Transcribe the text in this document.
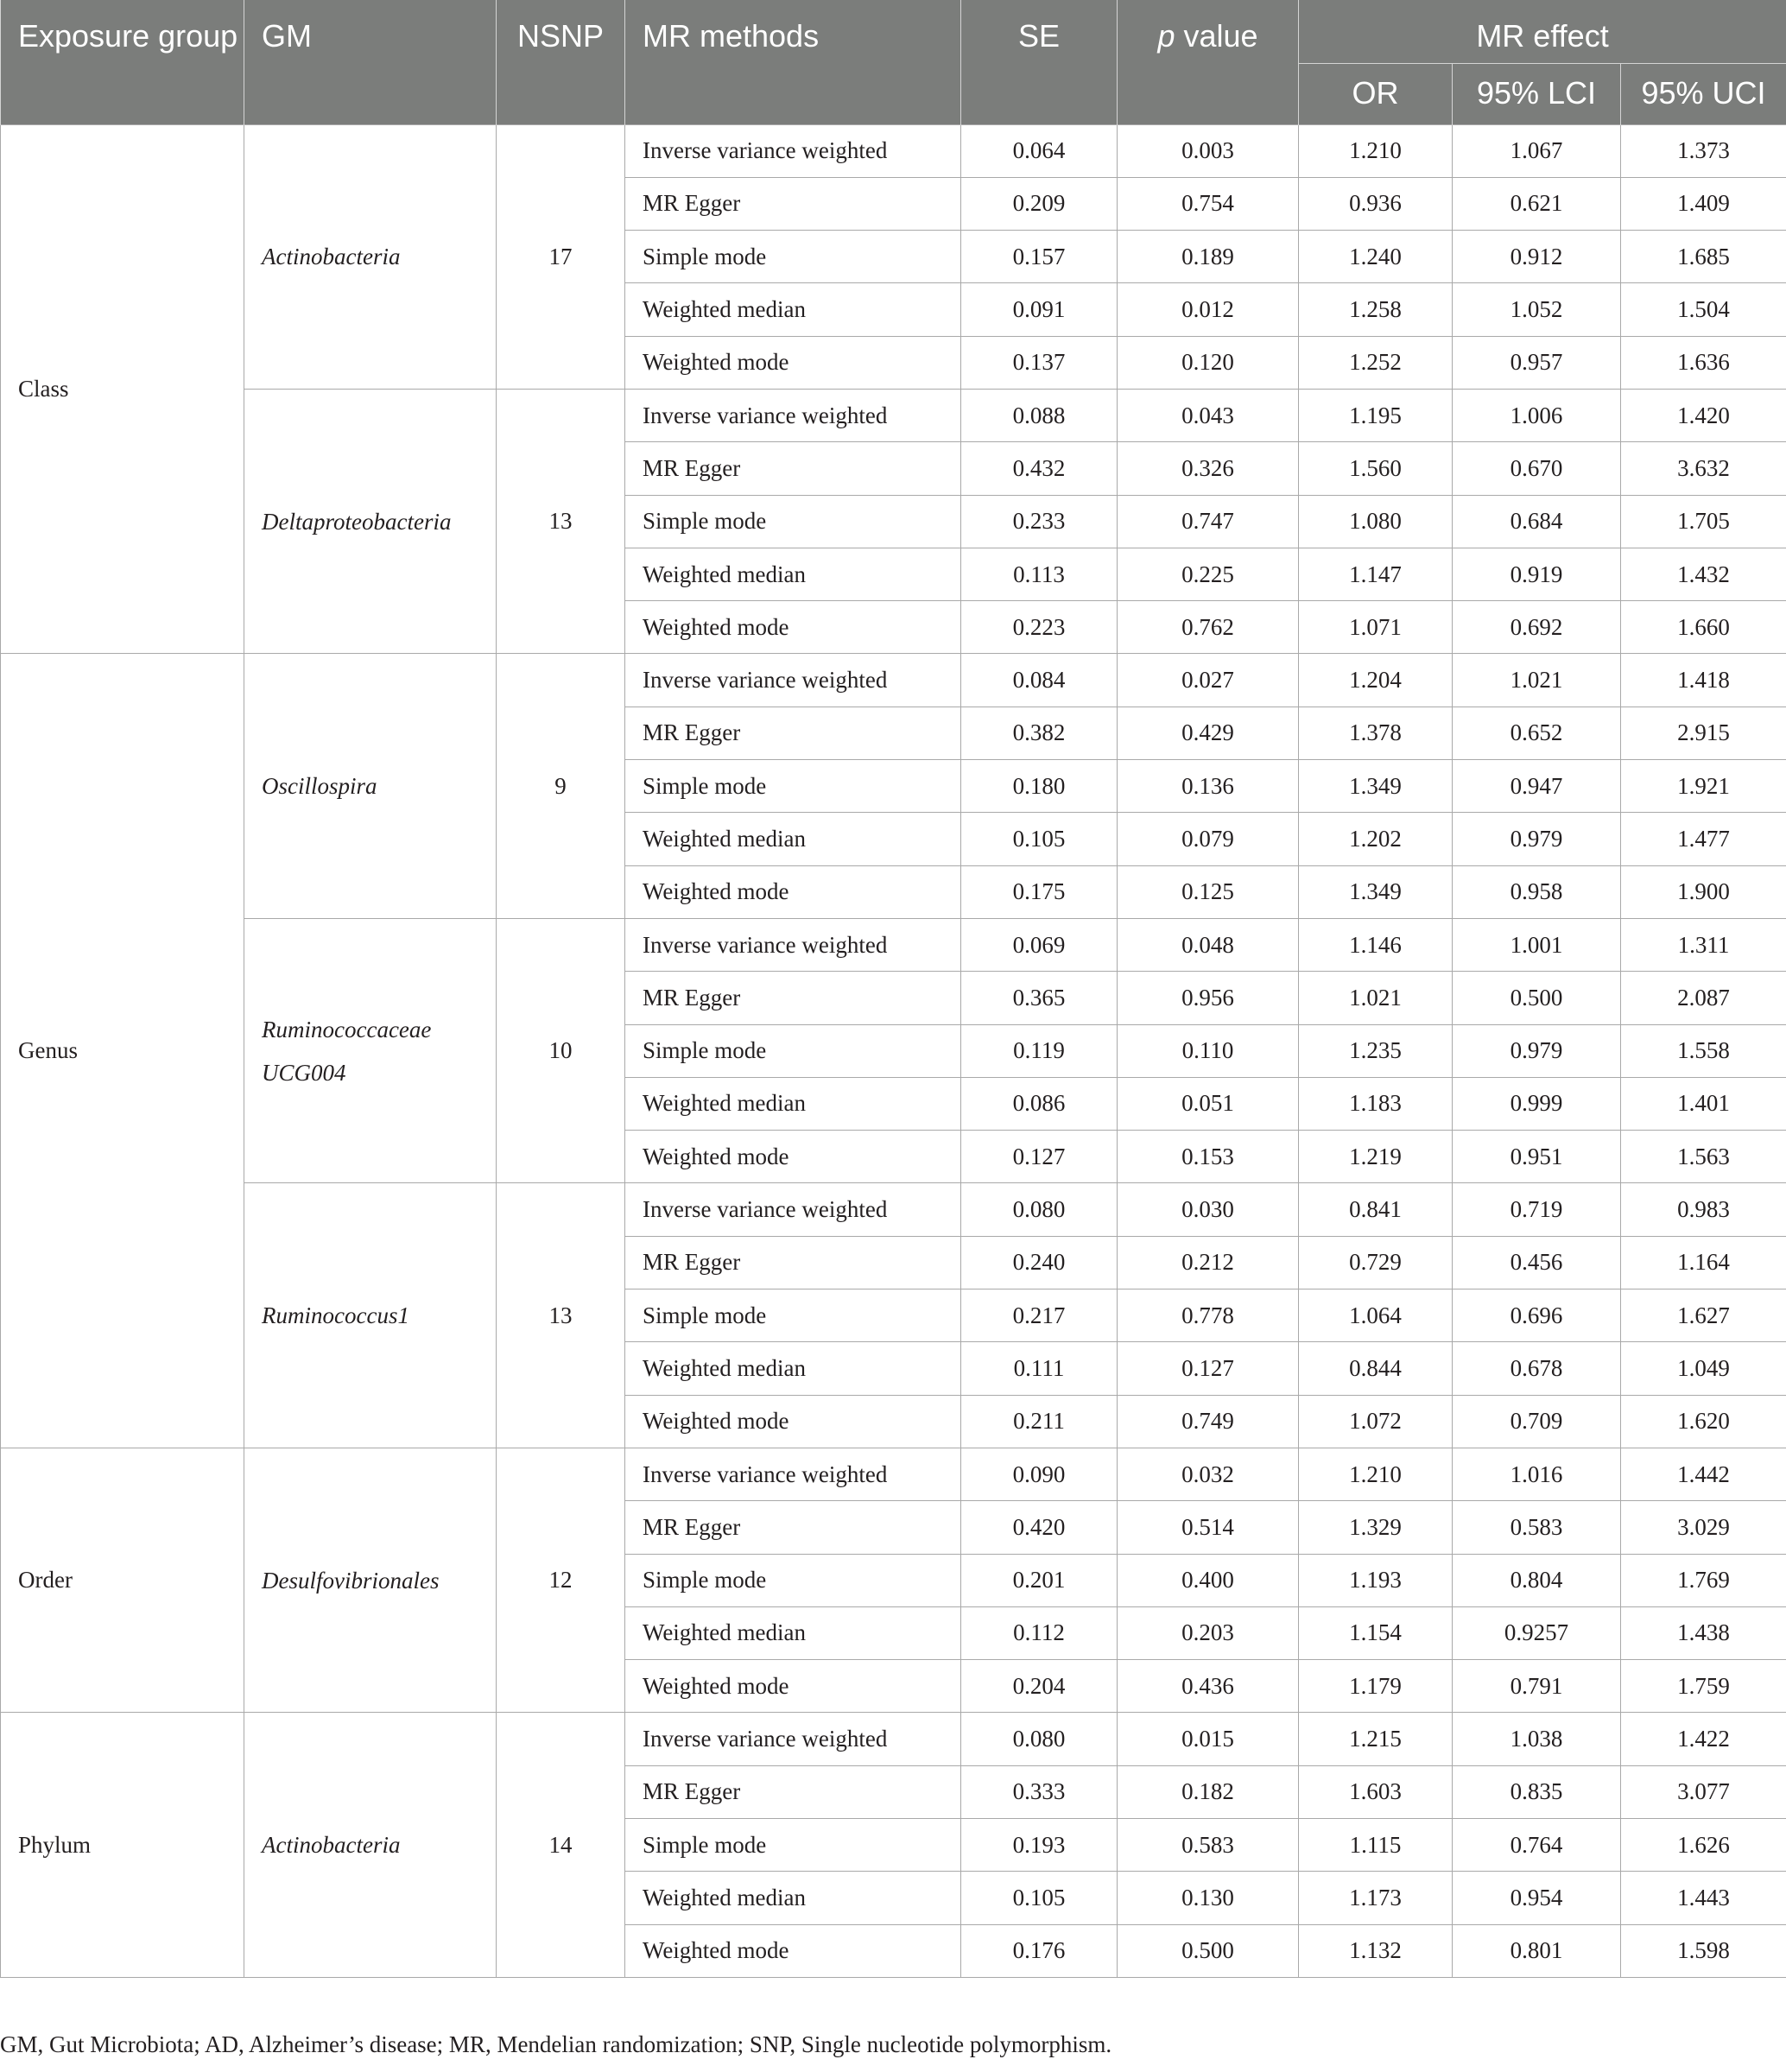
Exposure group	GM	NSNP	MR methods	SE	p value	MR effect		
						OR	95% LCI	95% UCI
Class	Actinobacteria	17	Inverse variance weighted	0.064	0.003	1.210	1.067	1.373
			MR Egger	0.209	0.754	0.936	0.621	1.409
			Simple mode	0.157	0.189	1.240	0.912	1.685
			Weighted median	0.091	0.012	1.258	1.052	1.504
			Weighted mode	0.137	0.120	1.252	0.957	1.636
	Deltaproteobacteria	13	Inverse variance weighted	0.088	0.043	1.195	1.006	1.420
			MR Egger	0.432	0.326	1.560	0.670	3.632
			Simple mode	0.233	0.747	1.080	0.684	1.705
			Weighted median	0.113	0.225	1.147	0.919	1.432
			Weighted mode	0.223	0.762	1.071	0.692	1.660
Genus	Oscillospira	9	Inverse variance weighted	0.084	0.027	1.204	1.021	1.418
			MR Egger	0.382	0.429	1.378	0.652	2.915
			Simple mode	0.180	0.136	1.349	0.947	1.921
			Weighted median	0.105	0.079	1.202	0.979	1.477
			Weighted mode	0.175	0.125	1.349	0.958	1.900
	Ruminococcaceae UCG004	10	Inverse variance weighted	0.069	0.048	1.146	1.001	1.311
			MR Egger	0.365	0.956	1.021	0.500	2.087
			Simple mode	0.119	0.110	1.235	0.979	1.558
			Weighted median	0.086	0.051	1.183	0.999	1.401
			Weighted mode	0.127	0.153	1.219	0.951	1.563
	Ruminococcus1	13	Inverse variance weighted	0.080	0.030	0.841	0.719	0.983
			MR Egger	0.240	0.212	0.729	0.456	1.164
			Simple mode	0.217	0.778	1.064	0.696	1.627
			Weighted median	0.111	0.127	0.844	0.678	1.049
			Weighted mode	0.211	0.749	1.072	0.709	1.620
Order	Desulfovibrionales	12	Inverse variance weighted	0.090	0.032	1.210	1.016	1.442
			MR Egger	0.420	0.514	1.329	0.583	3.029
			Simple mode	0.201	0.400	1.193	0.804	1.769
			Weighted median	0.112	0.203	1.154	0.9257	1.438
			Weighted mode	0.204	0.436	1.179	0.791	1.759
Phylum	Actinobacteria	14	Inverse variance weighted	0.080	0.015	1.215	1.038	1.422
			MR Egger	0.333	0.182	1.603	0.835	3.077
			Simple mode	0.193	0.583	1.115	0.764	1.626
			Weighted median	0.105	0.130	1.173	0.954	1.443
			Weighted mode	0.176	0.500	1.132	0.801	1.598

GM, Gut Microbiota; AD, Alzheimer’s disease; MR, Mendelian randomization; SNP, Single nucleotide polymorphism.
